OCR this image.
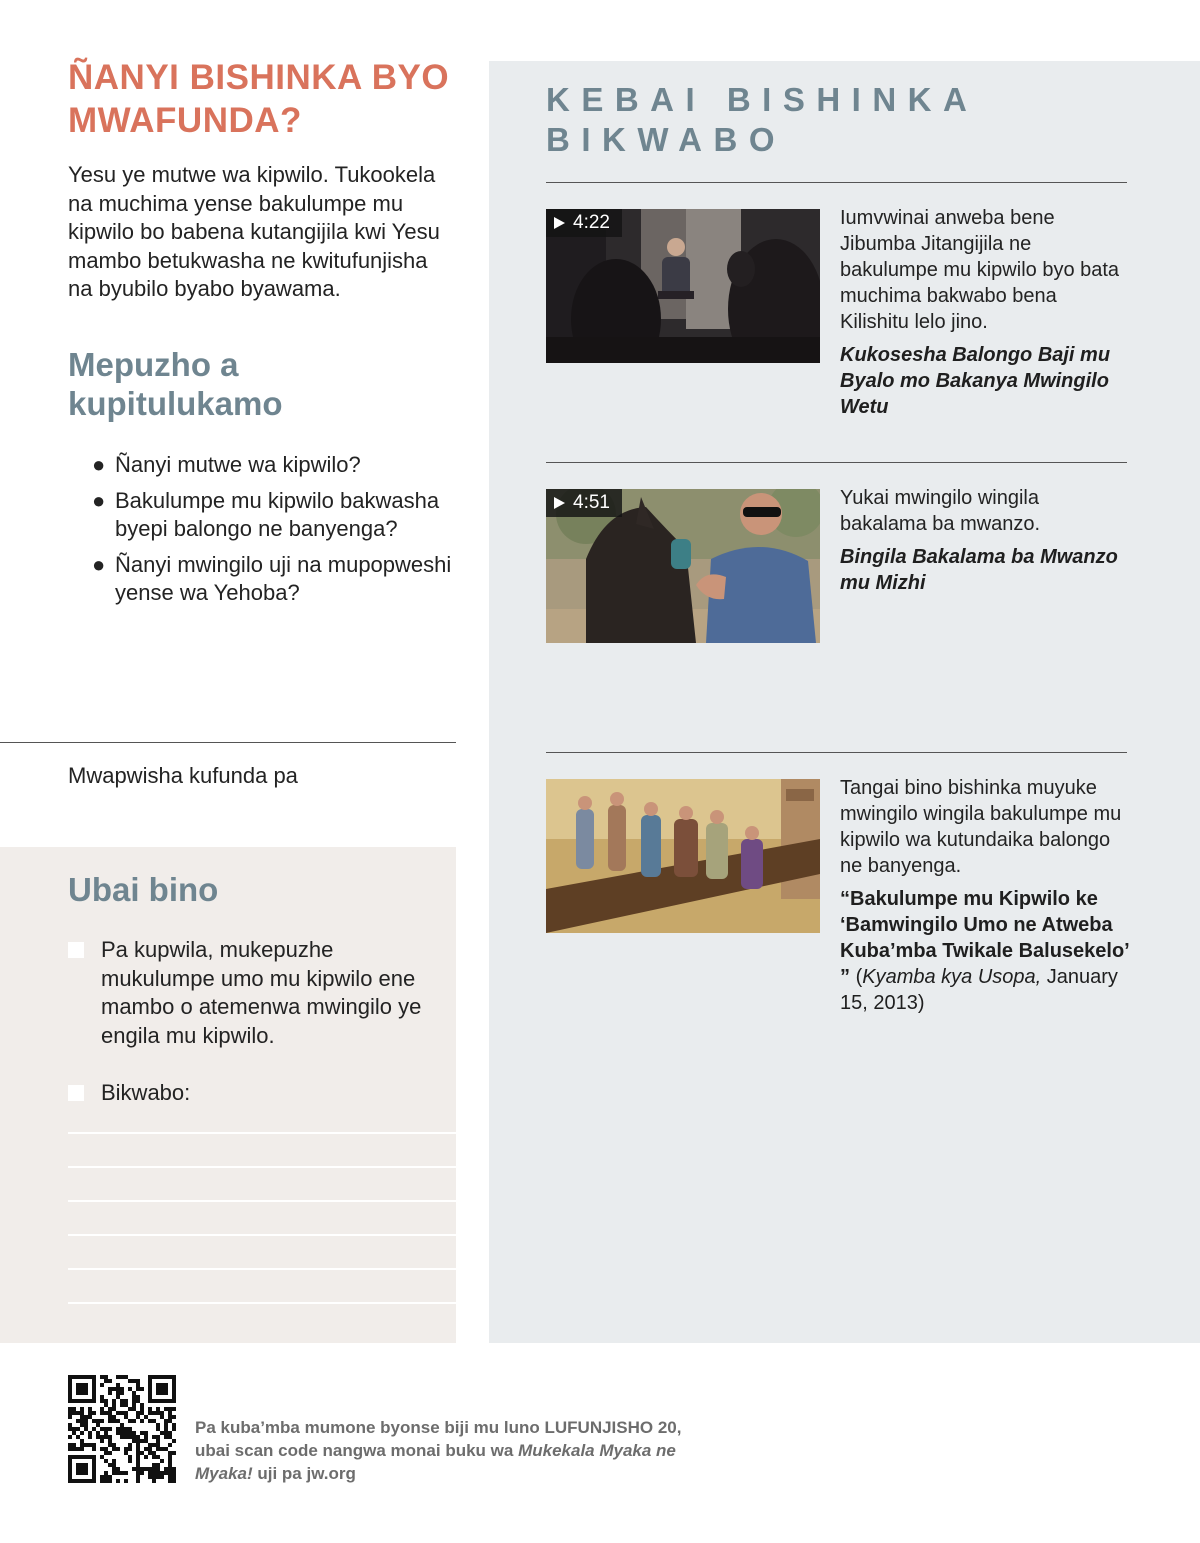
ÑANYI BISHINKA BYO MWAFUNDA?

Yesu ye mutwe wa kipwilo. Tukookela na muchima yense bakulumpe mu kipwilo bo babena kutangijila kwi Yesu mambo betukwasha ne kwitufunjisha na byubilo byabo byawama.

Mepuzho a kupitulukamo
● Ñanyi mutwe wa kipwilo?
● Bakulumpe mu kipwilo bakwasha byepi balongo ne banyenga?
● Ñanyi mwingilo uji na mupopweshi yense wa Yehoba?
Mwapwisha kufunda pa
Ubai bino
Pa kupwila, mukepuzhe mukulumpe umo mu kipwilo ene mambo o atemenwa mwingilo ye engila mu kipwilo.
Bikwabo:
KEBAI BISHINKA BIKWABO
4:22	Iumvwinai anweba bene Jibumba Jitangijila ne bakulumpe mu kipwilo byo bata muchima bakwabo bena Kilishitu lelo jino.

Kukosesha Balongo Baji mu Byalo mo Bakanya Mwingilo Wetu

4:51	Yukai mwingilo wingila bakalama ba mwanzo.

Bingila Bakalama ba Mwanzo mu Mizhi

Tangai bino bishinka muyuke mwingilo wingila bakulumpe mu kipwilo wa kutundaika balongo ne banyenga.

“Bakulumpe mu Kipwilo ke ‘Bamwingilo Umo ne Atweba Kuba’mba Twikale Balusekelo’ ” (Kyamba kya Usopa, January 15, 2013)

Pa kuba’mba mumone byonse biji mu luno LUFUNJISHO 20, ubai scan code nangwa monai buku wa Mukekala Myaka ne Myaka! uji pa jw.org
